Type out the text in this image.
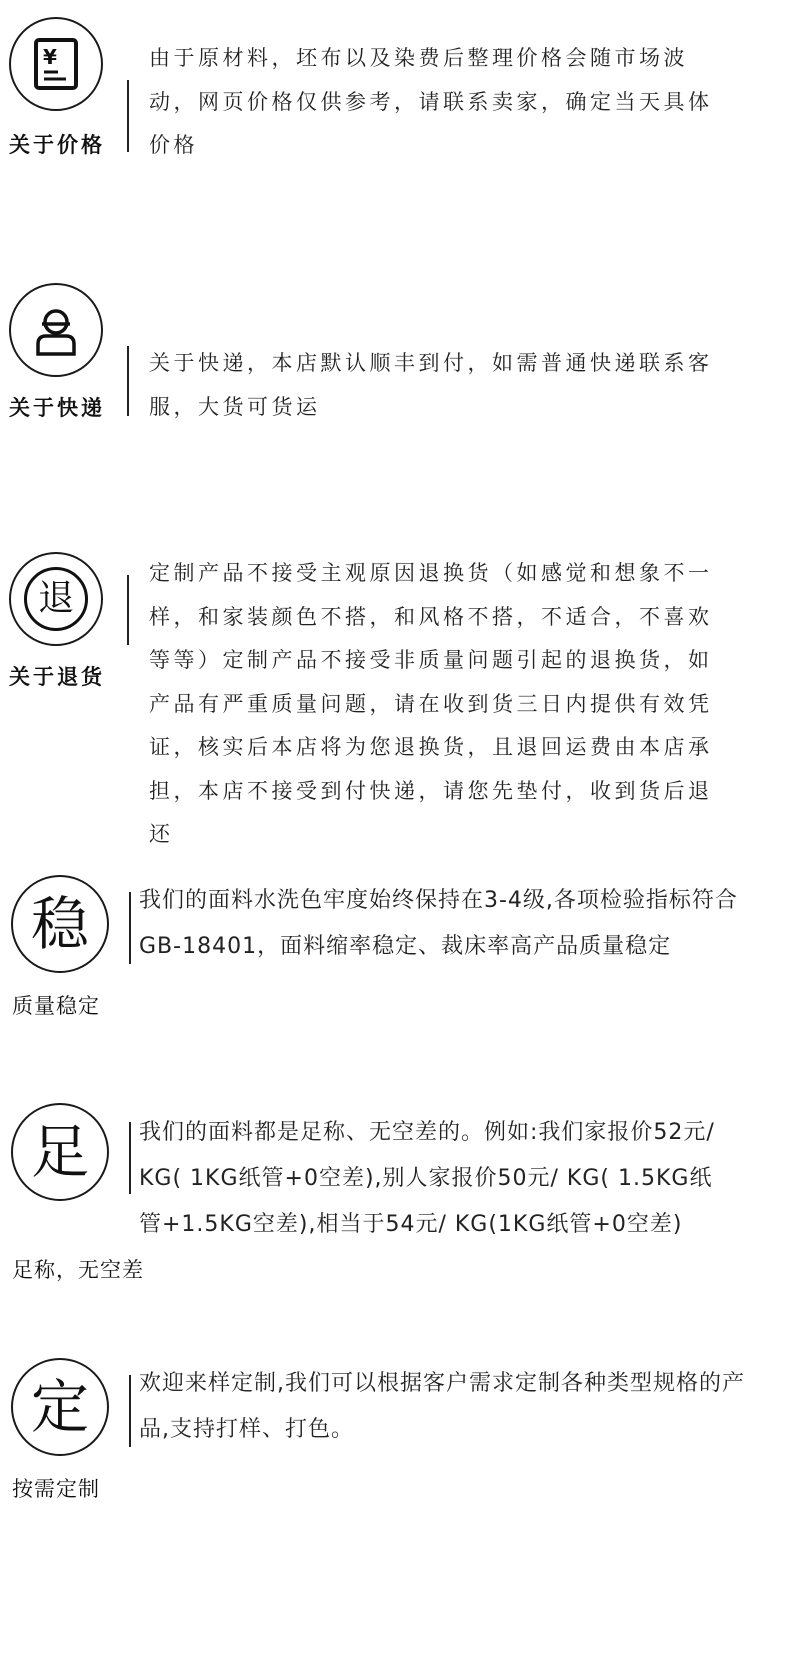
¥
关于价格
由于原材料，坯布以及染费后整理价格会随市场波动，网页价格仅供参考，请联系卖家，确定当天具体价格
关于快递
关于快递，本店默认顺丰到付，如需普通快递联系客服，大货可货运
退
关于退货
定制产品不接受主观原因退换货（如感觉和想象不一样，和家装颜色不搭，和风格不搭，不适合，不喜欢等等）定制产品不接受非质量问题引起的退换货，如产品有严重质量问题，请在收到货三日内提供有效凭证，核实后本店将为您退换货，且退回运费由本店承担，本店不接受到付快递，请您先垫付，收到货后退还
稳
质量稳定
我们的面料水洗色牢度始终保持在3-4级,各项检验指标符合GB-18401，面料缩率稳定、裁床率高产品质量稳定
足
足称，无空差
我们的面料都是足称、无空差的。例如:我们家报价52元/KG( 1KG纸管+0空差),别人家报价50元/ KG( 1.5KG纸管+1.5KG空差),相当于54元/ KG(1KG纸管+0空差)
定
按需定制
欢迎来样定制,我们可以根据客户需求定制各种类型规格的产品,支持打样、打色。
